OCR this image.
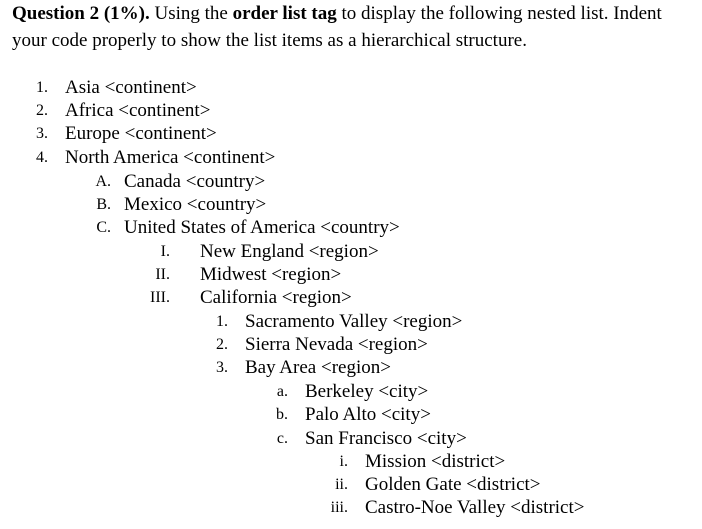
Question 2 (1%). Using the order list tag to display the following nested list. Indent your code properly to show the list items as a hierarchical structure.
1. Asia <continent>
2. Africa <continent>
3. Europe <continent>
4. North America <continent>
A. Canada <country>
B. Mexico <country>
C. United States of America <country>
I. New England <region>
II. Midwest <region>
III. California <region>
1. Sacramento Valley <region>
2. Sierra Nevada <region>
3. Bay Area <region>
a. Berkeley <city>
b. Palo Alto <city>
c. San Francisco <city>
i. Mission <district>
ii. Golden Gate <district>
iii. Castro-Noe Valley <district>
